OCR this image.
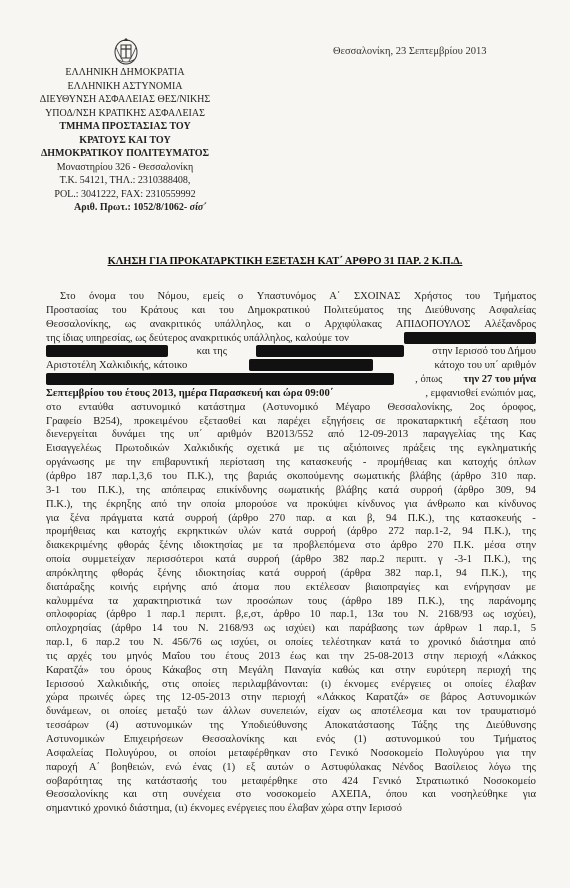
Θεσσαλονίκη, 23 Σεπτεμβρίου 2013
ΕΛΛΗΝΙΚΗ ΔΗΜΟΚΡΑΤΙΑ
ΕΛΛΗΝΙΚΗ ΑΣΤΥΝΟΜΙΑ
ΔΙΕΥΘΥΝΣΗ ΑΣΦΑΛΕΙΑΣ ΘΕΣ/ΝΙΚΗΣ
ΥΠΟΔ/ΝΣΗ ΚΡΑΤΙΚΗΣ ΑΣΦΑΛΕΙΑΣ
ΤΜΗΜΑ ΠΡΟΣΤΑΣΙΑΣ ΤΟΥ
ΚΡΑΤΟΥΣ ΚΑΙ ΤΟΥ
ΔΗΜΟΚΡΑΤΙΚΟΥ ΠΟΛΙΤΕΥΜΑΤΟΣ
Μοναστηρίου 326 - Θεσσαλονίκη
Τ.Κ. 54121, ΤΗΛ.: 2310388408,
POL.: 3041222, FAX: 2310559992
Αριθ. Πρωτ.: 1052/8/1062- σίσ΄
ΚΛΗΣΗ ΓΙΑ ΠΡΟΚΑΤΑΡΚΤΙΚΗ ΕΞΕΤΑΣΗ ΚΑΤ΄ ΑΡΘΡΟ 31 ΠΑΡ. 2 Κ.Π.Δ.
Στο όνομα του Νόμου, εμείς ο Υπαστυνόμος Α΄ ΣΧΟΙΝΑΣ Χρήστος του Τμήματος
Προστασίας του Κράτους και του Δημοκρατικού Πολιτεύματος της Διεύθυνσης Ασφαλείας
Θεσσαλονίκης, ως ανακριτικός υπάλληλος, και ο Αρχιφύλακας ΑΠΙΔΟΠΟΥΛΟΣ Αλέξανδρος
της ίδιας υπηρεσίας, ως δεύτερος ανακριτικός υπάλληλος, καλούμε τον
και της	στην Ιερισσό του Δήμου
Αριστοτέλη Χαλκιδικής, κάτοικο	κάτοχο του υπ΄ αριθμόν
, όπως την 27 του μήνα
Σεπτεμβρίου του έτους 2013, ημέρα Παρασκευή και ώρα 09:00΄	, εμφανισθεί ενώπιόν μας,
στο ενταύθα αστυνομικό κατάστημα (Αστυνομικό Μέγαρο Θεσσαλονίκης, 2ος όροφος,
Γραφείο Β254), προκειμένου εξετασθεί και παρέχει εξηγήσεις σε προκαταρκτική εξέταση που
διενεργείται δυνάμει της υπ΄ αριθμόν Β2013/552 από 12-09-2013 παραγγελίας της Κας
Εισαγγελέως Πρωτοδικών Χαλκιδικής σχετικά με τις αξιόποινες πράξεις της εγκληματικής
οργάνωσης με την επιβαρυντική περίσταση της κατασκευής - προμήθειας και κατοχής όπλων
(άρθρο 187 παρ.1,3,6 του Π.Κ.), της βαριάς σκοπούμενης σωματικής βλάβης (άρθρο 310 παρ.
3-1 του Π.Κ.), της απόπειρας επικίνδυνης σωματικής βλάβης κατά συρροή (άρθρο 309, 94
Π.Κ.), της έκρηξης από την οποία μπορούσε να προκύψει κίνδυνος για άνθρωπο και κίνδυνος
για ξένα πράγματα κατά συρροή (άρθρο 270 παρ. α και β, 94 Π.Κ.), της κατασκευής -
προμήθειας και κατοχής εκρηκτικών υλών κατά συρροή (άρθρο 272 παρ.1-2, 94 Π.Κ.), της
διακεκριμένης φθοράς ξένης ιδιοκτησίας με τα προβλεπόμενα στο άρθρο 270 Π.Κ. μέσα στην
οποία συμμετείχαν περισσότεροι κατά συρροή (άρθρο 382 παρ.2 περιπτ. γ -3-1 Π.Κ.), της
απρόκλητης φθοράς ξένης ιδιοκτησίας κατά συρροή (άρθρα 382 παρ.1, 94 Π.Κ.), της
διατάραξης κοινής ειρήνης από άτομα που εκτέλεσαν βιαιοπραγίες και ενήργησαν με
καλυμμένα τα χαρακτηριστικά των προσώπων τους (άρθρο 189 Π.Κ.), της παράνομης
οπλοφορίας (άρθρο 1 παρ.1 περιπτ. β,ε,στ, άρθρο 10 παρ.1, 13α του Ν. 2168/93 ως ισχύει),
οπλοχρησίας (άρθρο 14 του Ν. 2168/93 ως ισχύει) και παράβασης των άρθρων 1 παρ.1, 5
παρ.1, 6 παρ.2 του Ν. 456/76 ως ισχύει, οι οποίες τελέστηκαν κατά το χρονικό διάστημα από
τις αρχές του μηνός Μαΐου του έτους 2013 έως και την 25-08-2013 στην περιοχή «Λάκκος
Καρατζά» του όρους Κάκαβος στη Μεγάλη Παναγία καθώς και στην ευρύτερη περιοχή της
Ιερισσού Χαλκιδικής, στις οποίες περιλαμβάνονται: (ι) έκνομες ενέργειες οι οποίες έλαβαν
χώρα πρωινές ώρες της 12-05-2013 στην περιοχή «Λάκκος Καρατζά» σε βάρος Αστυνομικών
δυνάμεων, οι οποίες μεταξύ των άλλων συνεπειών, είχαν ως αποτέλεσμα και τον τραυματισμό
τεσσάρων (4) αστυνομικών της Υποδιεύθυνσης Αποκατάστασης Τάξης της Διεύθυνσης
Αστυνομικών Επιχειρήσεων Θεσσαλονίκης και ενός (1) αστυνομικού του Τμήματος
Ασφαλείας Πολυγύρου, οι οποίοι μεταφέρθηκαν στο Γενικό Νοσοκομείο Πολυγύρου για την
παροχή Α΄ βοηθειών, ενώ ένας (1) εξ αυτών ο Αστυφύλακας Νένδος Βασίλειος λόγω της
σοβαρότητας της κατάστασής του μεταφέρθηκε στο 424 Γενικό Στρατιωτικό Νοσοκομείο
Θεσσαλονίκης και στη συνέχεια στο νοσοκομείο ΑΧΕΠΑ, όπου και νοσηλεύθηκε για
σημαντικό χρονικό διάστημα, (ιι) έκνομες ενέργειες που έλαβαν χώρα στην Ιερισσό
